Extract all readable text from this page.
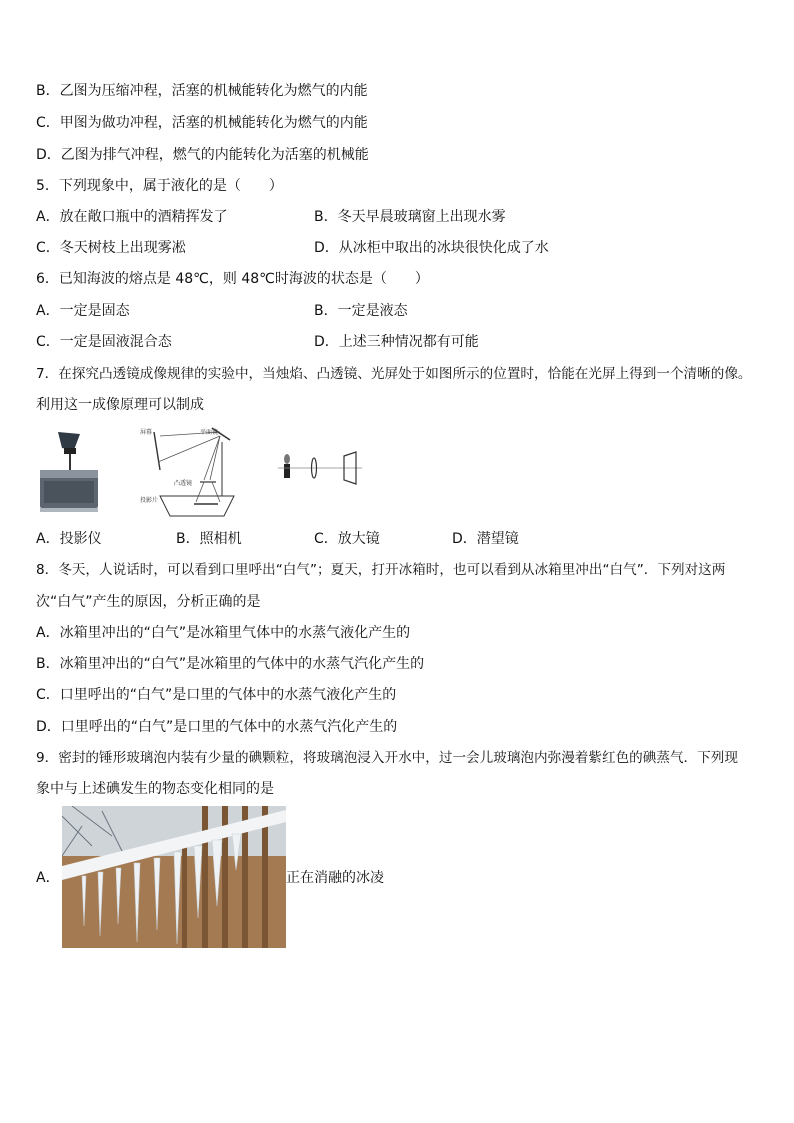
B．乙图为压缩冲程，活塞的机械能转化为燃气的内能
C．甲图为做功冲程，活塞的机械能转化为燃气的内能
D．乙图为排气冲程，燃气的内能转化为活塞的机械能
5．下列现象中，属于液化的是（　　）
A．放在敞口瓶中的酒精挥发了	B．冬天早晨玻璃窗上出现水雾
C．冬天树枝上出现雾凇	D．从冰柜中取出的冰块很快化成了水
6．已知海波的熔点是 48℃，则 48℃时海波的状态是（　　）
A．一定是固态	B．一定是液态
C．一定是固液混合态	D．上述三种情况都有可能
7．在探究凸透镜成像规律的实验中，当烛焰、凸透镜、光屏处于如图所示的位置时，恰能在光屏上得到一个清晰的像。
利用这一成像原理可以制成
屏幕	平面镜
凸透镜
投影片
A．投影仪	B．照相机	C．放大镜	D．潜望镜
8．冬天，人说话时，可以看到口里呼出“白气”；夏天，打开冰箱时，也可以看到从冰箱里冲出“白气”．下列对这两
次“白气”产生的原因，分析正确的是
A．冰箱里冲出的“白气”是冰箱里气体中的水蒸气液化产生的
B．冰箱里冲出的“白气”是冰箱里的气体中的水蒸气汽化产生的
C．口里呼出的“白气”是口里的气体中的水蒸气液化产生的
D．口里呼出的“白气”是口里的气体中的水蒸气汽化产生的
9．密封的锤形玻璃泡内装有少量的碘颗粒，将玻璃泡浸入开水中，过一会儿玻璃泡内弥漫着紫红色的碘蒸气．下列现
象中与上述碘发生的物态变化相同的是
A．	正在消融的冰凌
